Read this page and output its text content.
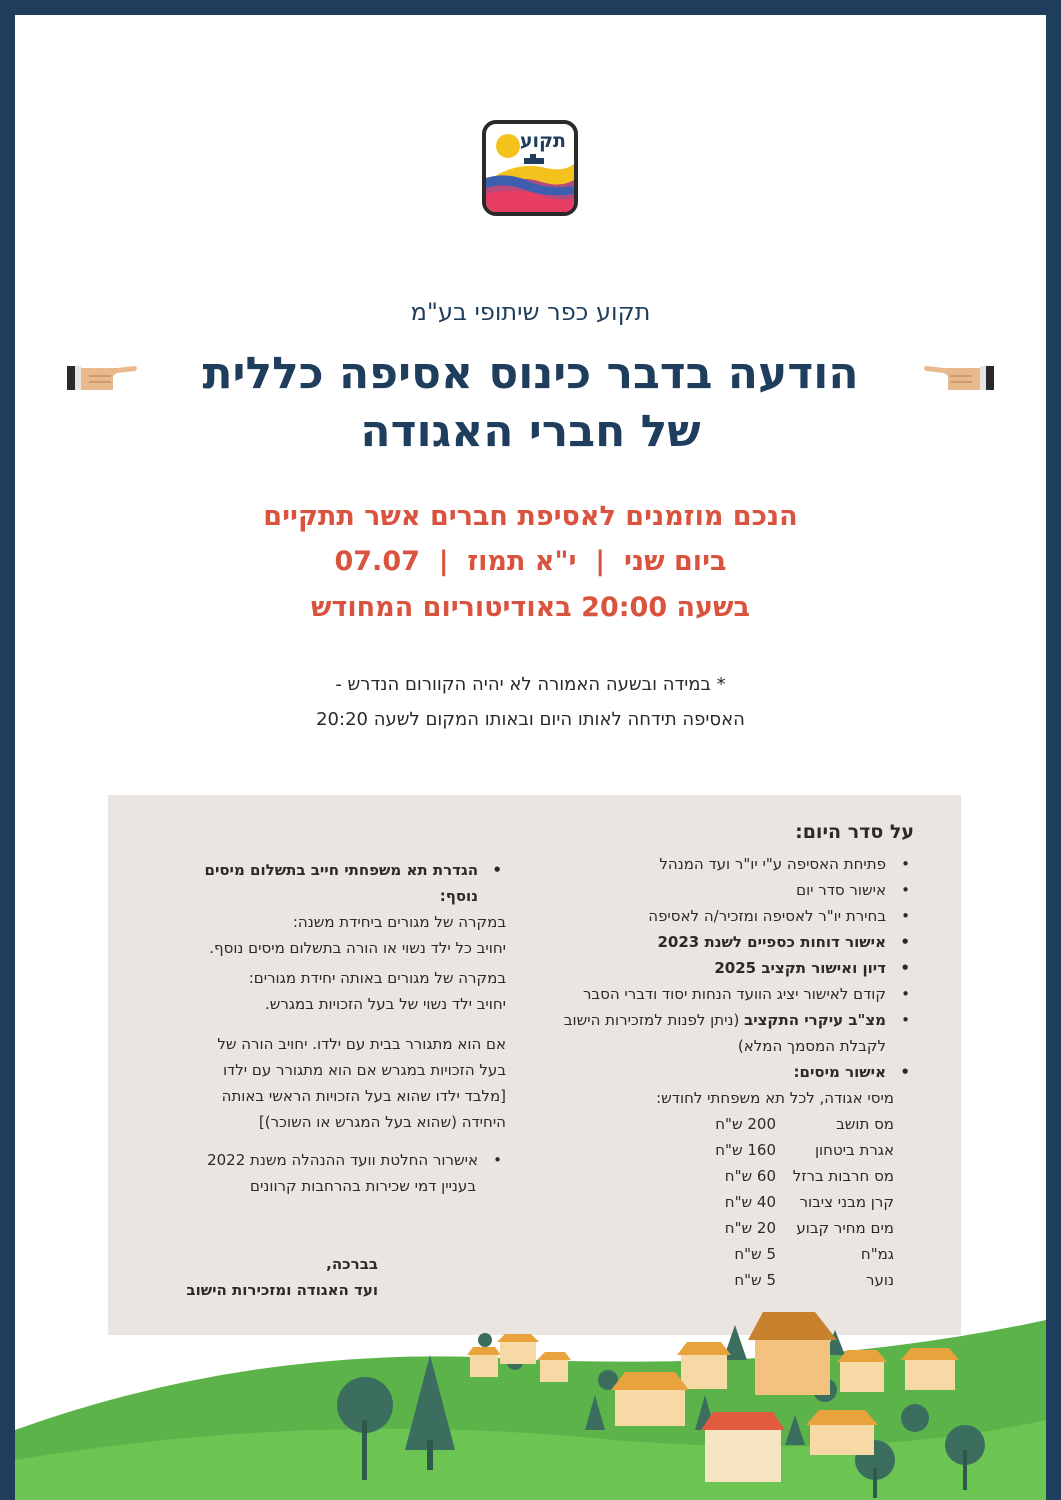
תקוע
תקוע כפר שיתופי בע"מ
הודעה בדבר כינוס אסיפה כללית
של חברי האגודה
הנכם מוזמנים לאסיפת חברים אשר תתקיים
ביום שני  |  י"א תמוז  |  07.07
בשעה 20:00 באודיטוריום המחודש
* במידה ובשעה האמורה לא יהיה הקוורום הנדרש -
האסיפה תידחה לאותו היום ובאותו המקום לשעה 20:20
על סדר היום:
• פתיחת האסיפה ע"י יו"ר ועד המנהל
• אישור סדר יום
• בחירת יו"ר לאסיפה ומזכיר/ה לאסיפה
• אישור דוחות כספיים לשנת 2023
• דיון ואישור תקציב 2025
• קודם לאישור יציג הוועד הנחות יסוד ודברי הסבר
• מצ"ב עיקרי התקציב (ניתן לפנות למזכירות הישוב לקבלת המסמך המלא)
• אישור מיסים:
מיסי אגודה, לכל תא משפחתי לחודש:
מס תושב
200 ש"ח
אגרת ביטחון
160 ש"ח
מס חרבות ברזל
60 ש"ח
קרן מבני ציבור
40 ש"ח
מים מחיר קבוע
20 ש"ח
גמ"ח
5 ש"ח
נוער
5 ש"ח
• הגדרת תא משפחתי חייב בתשלום מיסים נוסף:
במקרה של מגורים ביחידת משנה:
יחויב כל ילד נשוי או הורה בתשלום מיסים נוסף.
במקרה של מגורים באותה יחידת מגורים:
יחויב ילד נשוי של בעל הזכויות במגרש.
אם הוא מתגורר בבית עם ילדו. יחויב הורה של
בעל הזכויות במגרש אם הוא מתגורר עם ילדו
[מלבד ילדו שהוא בעל הזכויות הראשי באותה
היחידה (שהוא בעל המגרש או השוכר)]
• אישרור החלטת וועד ההנהלה משנת 2022
בעניין דמי שכירות בהרחבות קרוונים
בברכה,
ועד האגודה ומזכירות הישוב
